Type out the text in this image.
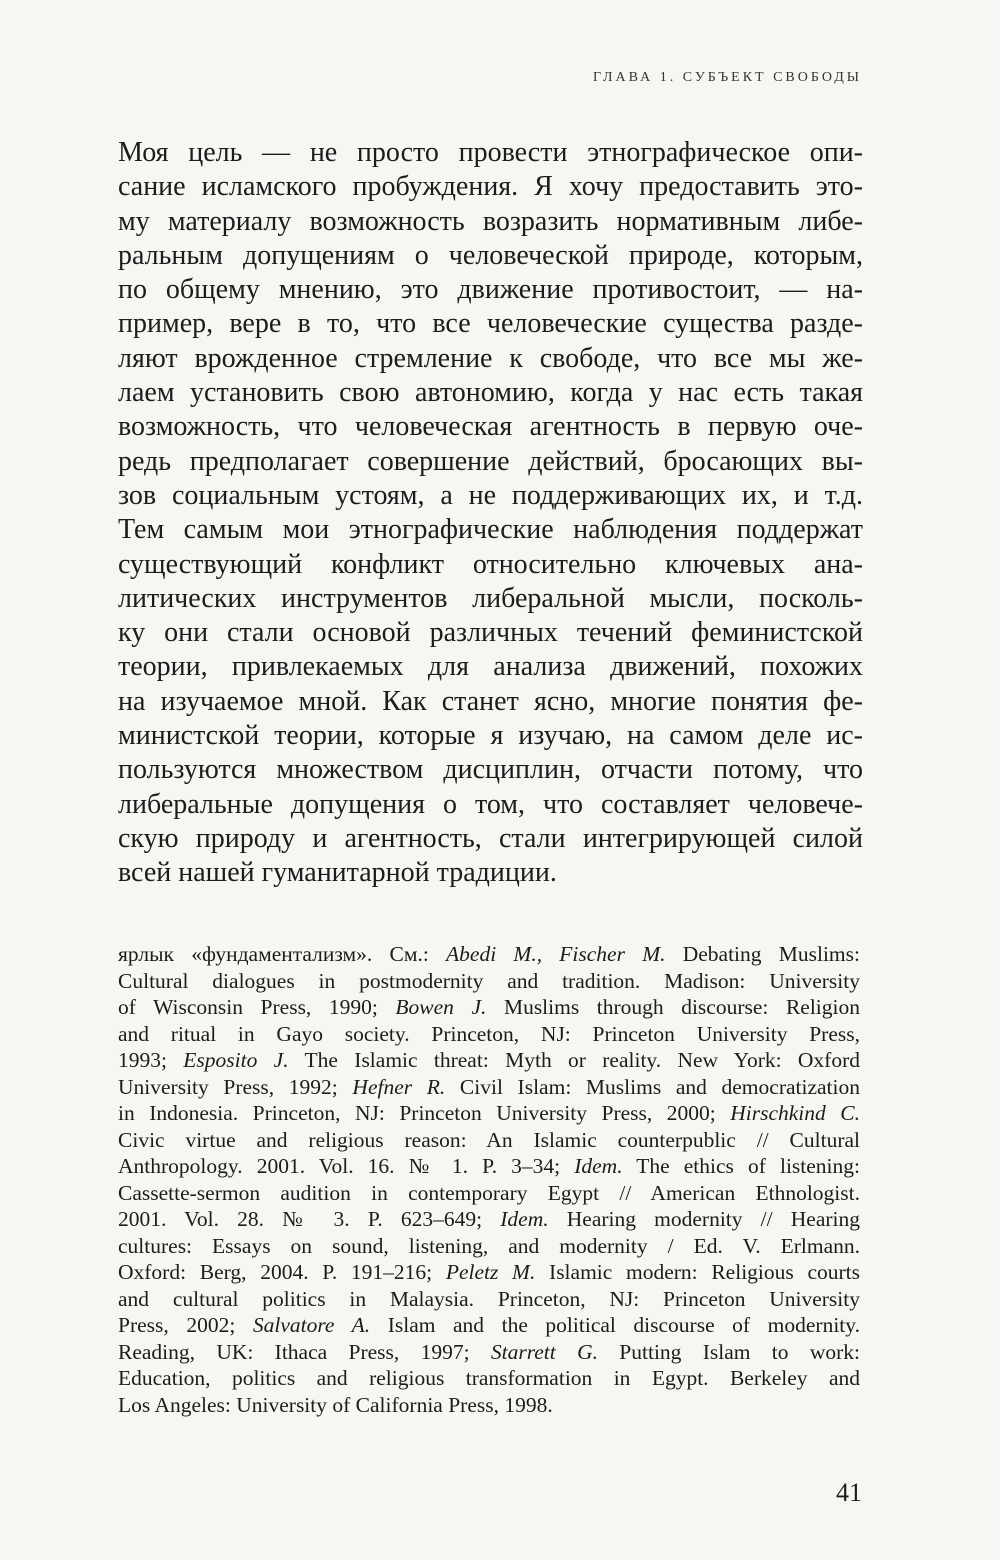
ГЛАВА 1. СУБЪЕКТ СВОБОДЫ
Моя цель — не просто провести этнографическое опи-
сание исламского пробуждения. Я хочу предоставить это-
му материалу возможность возразить нормативным либе-
ральным допущениям о человеческой природе, которым,
по общему мнению, это движение противостоит, — на-
пример, вере в то, что все человеческие существа разде-
ляют врожденное стремление к свободе, что все мы же-
лаем установить свою автономию, когда у нас есть такая
возможность, что человеческая агентность в первую оче-
редь предполагает совершение действий, бросающих вы-
зов социальным устоям, а не поддерживающих их, и т.д.
Тем самым мои этнографические наблюдения поддержат
существующий конфликт относительно ключевых ана-
литических инструментов либеральной мысли, посколь-
ку они стали основой различных течений феминистской
теории, привлекаемых для анализа движений, похожих
на изучаемое мной. Как станет ясно, многие понятия фе-
министской теории, которые я изучаю, на самом деле ис-
пользуются множеством дисциплин, отчасти потому, что
либеральные допущения о том, что составляет человече-
скую природу и агентность, стали интегрирующей силой
всей нашей гуманитарной традиции.
ярлык «фундаментализм». См.: Abedi M., Fischer M. Debating Muslims:
Cultural dialogues in postmodernity and tradition. Madison: University
of Wisconsin Press, 1990; Bowen J. Muslims through discourse: Religion
and ritual in Gayo society. Princeton, NJ: Princeton University Press,
1993; Esposito J. The Islamic threat: Myth or reality. New York: Oxford
University Press, 1992; Hefner R. Civil Islam: Muslims and democratization
in Indonesia. Princeton, NJ: Princeton University Press, 2000; Hirschkind C.
Civic virtue and religious reason: An Islamic counterpublic // Cultural
Anthropology. 2001. Vol. 16. № 1. P. 3–34; Idem. The ethics of listening:
Cassette-sermon audition in contemporary Egypt // American Ethnologist.
2001. Vol. 28. № 3. P. 623–649; Idem. Hearing modernity // Hearing
cultures: Essays on sound, listening, and modernity / Ed. V. Erlmann.
Oxford: Berg, 2004. P. 191–216; Peletz M. Islamic modern: Religious courts
and cultural politics in Malaysia. Princeton, NJ: Princeton University
Press, 2002; Salvatore A. Islam and the political discourse of modernity.
Reading, UK: Ithaca Press, 1997; Starrett G. Putting Islam to work:
Education, politics and religious transformation in Egypt. Berkeley and
Los Angeles: University of California Press, 1998.
41
